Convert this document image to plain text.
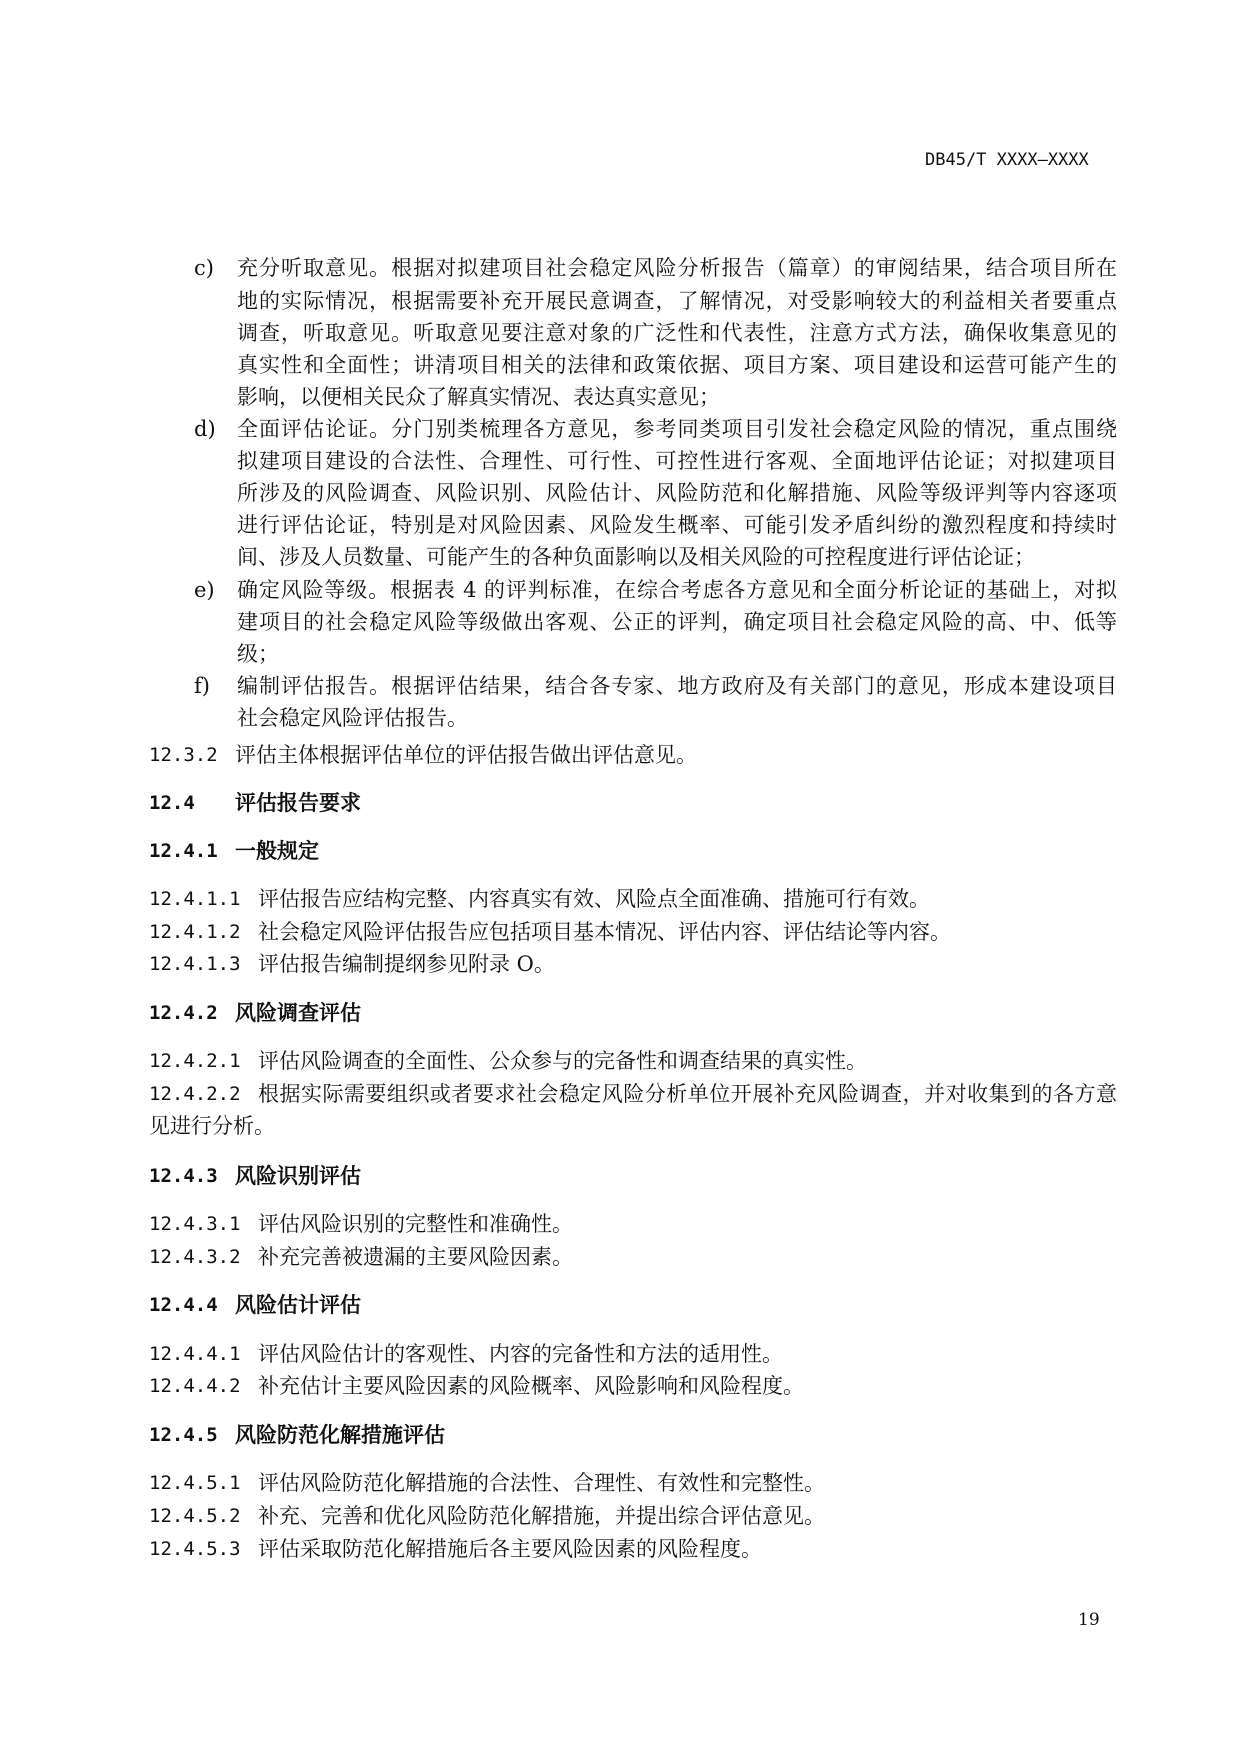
DB45/T XXXX—XXXX
c) 充分听取意见。根据对拟建项目社会稳定风险分析报告（篇章）的审阅结果，结合项目所在
地的实际情况，根据需要补充开展民意调查，了解情况，对受影响较大的利益相关者要重点
调查，听取意见。听取意见要注意对象的广泛性和代表性，注意方式方法，确保收集意见的
真实性和全面性；讲清项目相关的法律和政策依据、项目方案、项目建设和运营可能产生的
影响，以便相关民众了解真实情况、表达真实意见；
d) 全面评估论证。分门别类梳理各方意见，参考同类项目引发社会稳定风险的情况，重点围绕
拟建项目建设的合法性、合理性、可行性、可控性进行客观、全面地评估论证；对拟建项目
所涉及的风险调查、风险识别、风险估计、风险防范和化解措施、风险等级评判等内容逐项
进行评估论证，特别是对风险因素、风险发生概率、可能引发矛盾纠纷的激烈程度和持续时
间、涉及人员数量、可能产生的各种负面影响以及相关风险的可控程度进行评估论证；
e) 确定风险等级。根据表 4 的评判标准，在综合考虑各方意见和全面分析论证的基础上，对拟
建项目的社会稳定风险等级做出客观、公正的评判，确定项目社会稳定风险的高、中、低等
级；
f) 编制评估报告。根据评估结果，结合各专家、地方政府及有关部门的意见，形成本建设项目
社会稳定风险评估报告。
12.3.2 评估主体根据评估单位的评估报告做出评估意见。
12.4 评估报告要求
12.4.1 一般规定
12.4.1.1 评估报告应结构完整、内容真实有效、风险点全面准确、措施可行有效。
12.4.1.2 社会稳定风险评估报告应包括项目基本情况、评估内容、评估结论等内容。
12.4.1.3 评估报告编制提纲参见附录 O。
12.4.2 风险调查评估
12.4.2.1 评估风险调查的全面性、公众参与的完备性和调查结果的真实性。
12.4.2.2 根据实际需要组织或者要求社会稳定风险分析单位开展补充风险调查，并对收集到的各方意
见进行分析。
12.4.3 风险识别评估
12.4.3.1 评估风险识别的完整性和准确性。
12.4.3.2 补充完善被遗漏的主要风险因素。
12.4.4 风险估计评估
12.4.4.1 评估风险估计的客观性、内容的完备性和方法的适用性。
12.4.4.2 补充估计主要风险因素的风险概率、风险影响和风险程度。
12.4.5 风险防范化解措施评估
12.4.5.1 评估风险防范化解措施的合法性、合理性、有效性和完整性。
12.4.5.2 补充、完善和优化风险防范化解措施，并提出综合评估意见。
12.4.5.3 评估采取防范化解措施后各主要风险因素的风险程度。
19
